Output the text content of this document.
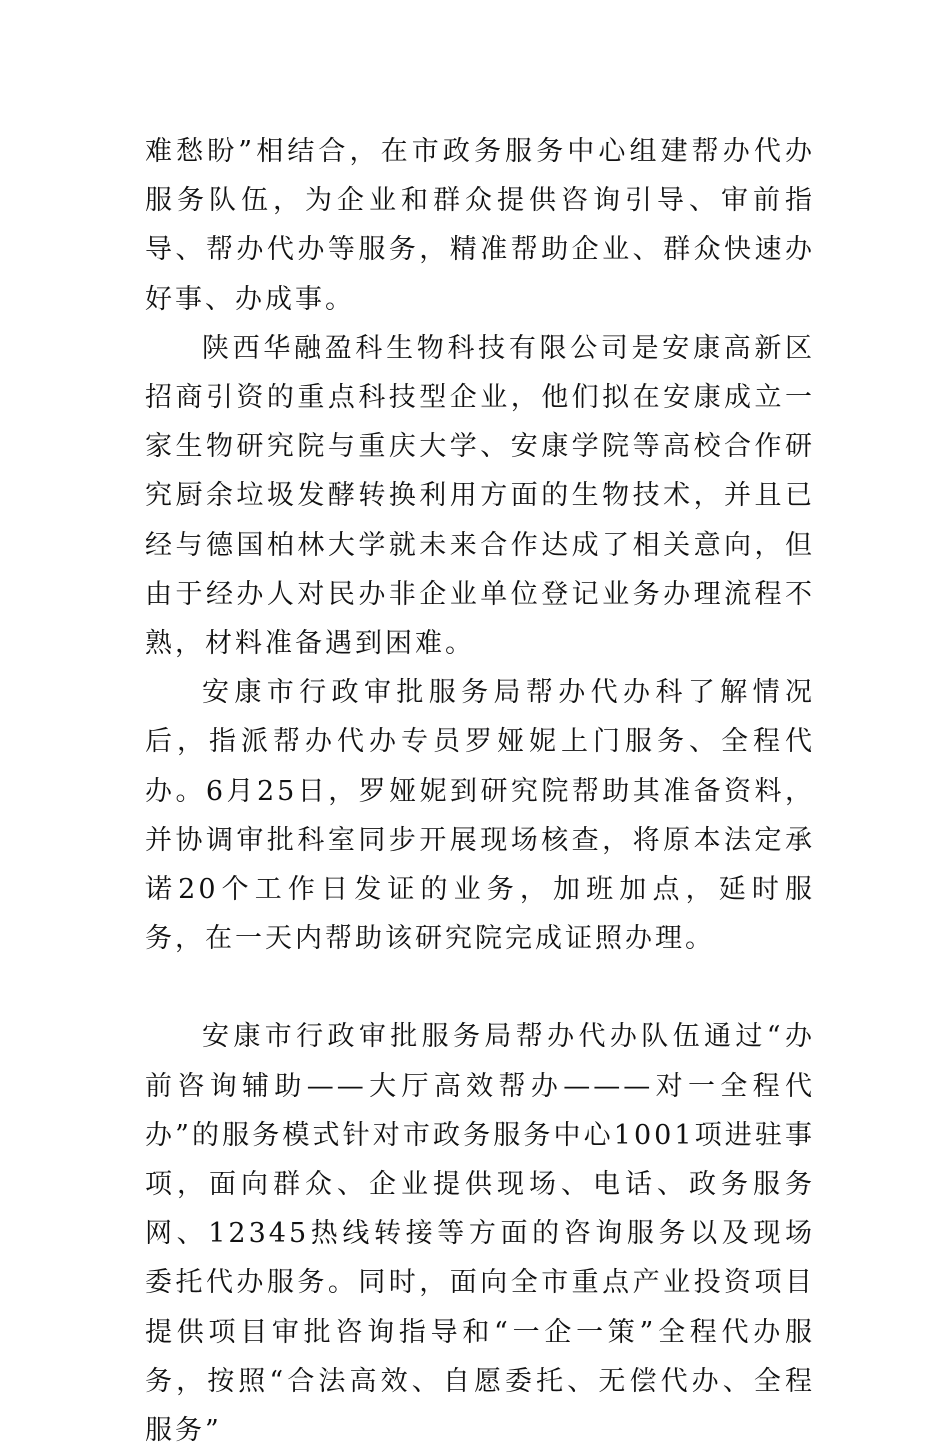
难愁盼”相结合，在市政务服务中心组建帮办代办服务队伍，为企业和群众提供咨询引导、审前指导、帮办代办等服务，精准帮助企业、群众快速办好事、办成事。

陕西华融盈科生物科技有限公司是安康高新区招商引资的重点科技型企业，他们拟在安康成立一家生物研究院与重庆大学、安康学院等高校合作研究厨余垃圾发酵转换利用方面的生物技术，并且已经与德国柏林大学就未来合作达成了相关意向，但由于经办人对民办非企业单位登记业务办理流程不熟，材料准备遇到困难。

安康市行政审批服务局帮办代办科了解情况后，指派帮办代办专员罗娅妮上门服务、全程代办。6月25日，罗娅妮到研究院帮助其准备资料，并协调审批科室同步开展现场核查，将原本法定承诺20个工作日发证的业务，加班加点，延时服务，在一天内帮助该研究院完成证照办理。

安康市行政审批服务局帮办代办队伍通过“办前咨询辅助——大厅高效帮办———对一全程代办”的服务模式针对市政务服务中心1001项进驻事项，面向群众、企业提供现场、电话、政务服务网、12345热线转接等方面的咨询服务以及现场委托代办服务。同时，面向全市重点产业投资项目提供项目审批咨询指导和“一企一策”全程代办服务，按照“合法高效、自愿委托、无偿代办、全程服务”
